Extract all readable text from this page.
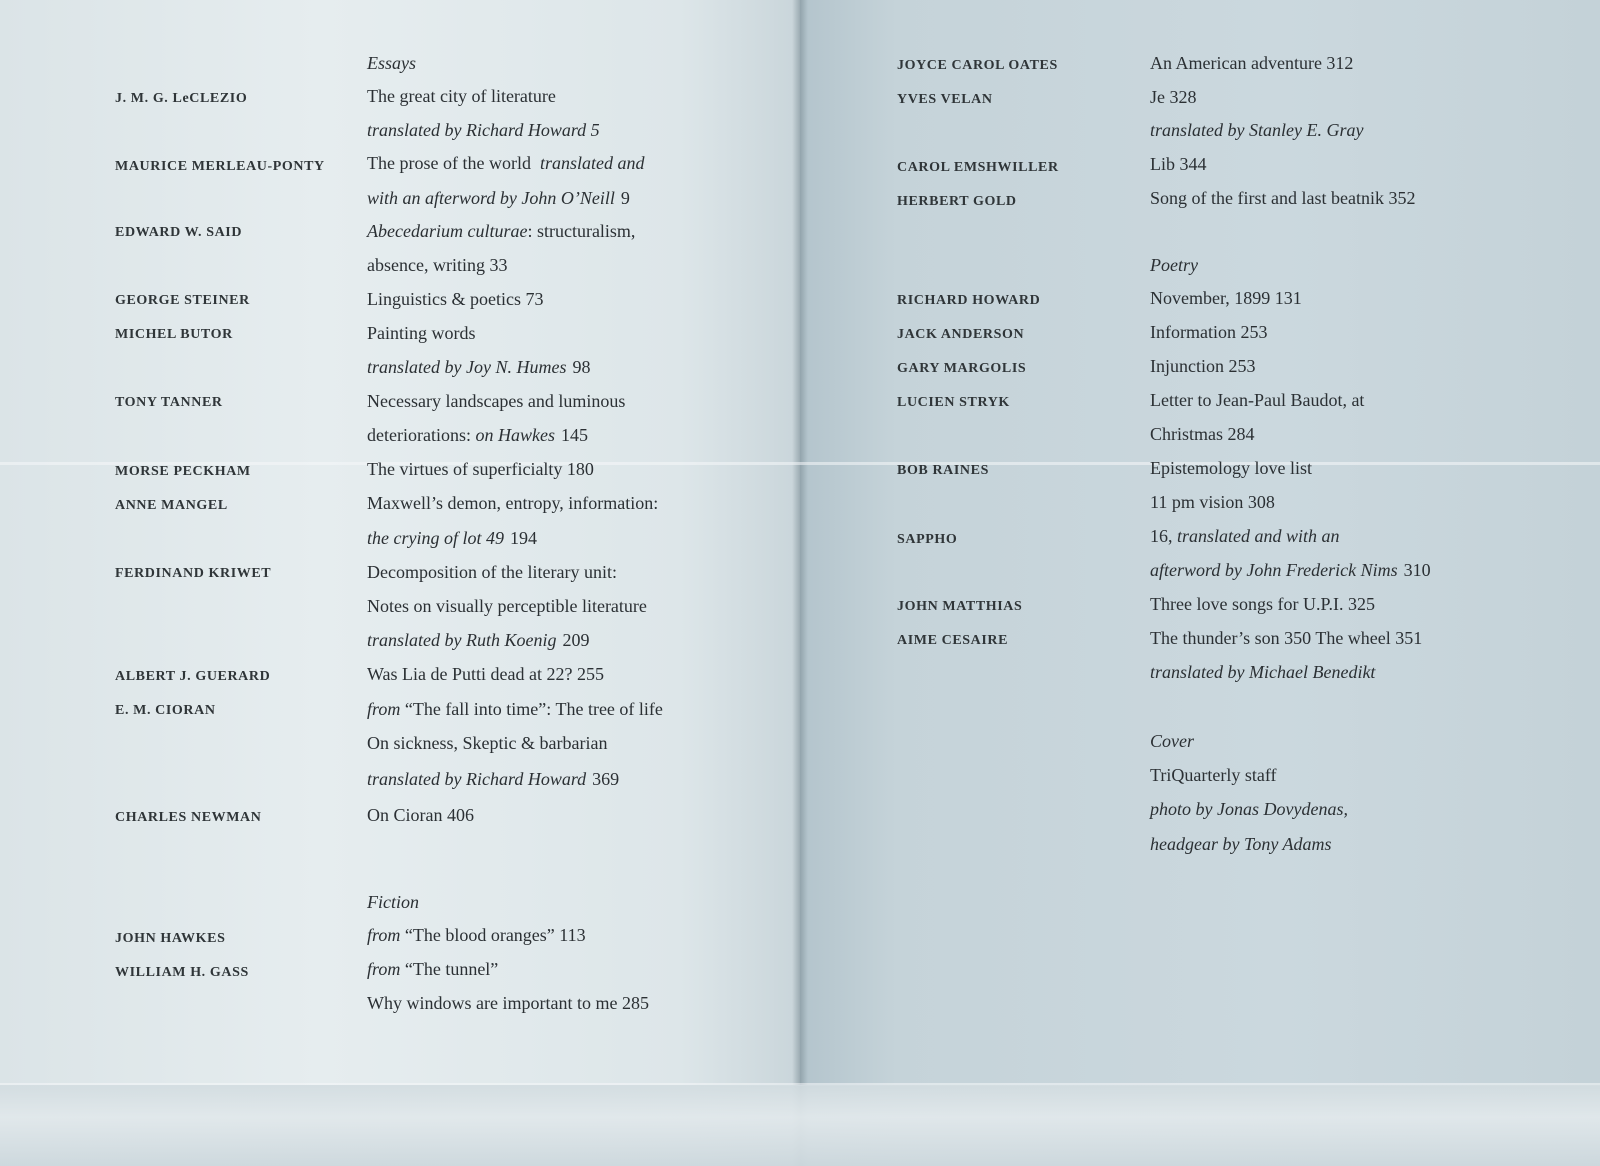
Essays
J. M. G. LeCLEZIO	The great city of literature
translated by Richard Howard 5
MAURICE MERLEAU-PONTY The prose of the world translated and
with an afterword by John O’Neill 9
EDWARD W. SAID	Abecedarium culturae: structuralism,
absence, writing 33
GEORGE STEINER	Linguistics & poetics 73
MICHEL BUTOR	Painting words
translated by Joy N. Humes 98
TONY TANNER	Necessary landscapes and luminous
deteriorations: on Hawkes 145
MORSE PECKHAM	The virtues of superficialty 180
ANNE MANGEL	Maxwell’s demon, entropy, information:
the crying of lot 49 194
FERDINAND KRIWET	Decomposition of the literary unit:
Notes on visually perceptible literature
translated by Ruth Koenig 209
ALBERT J. GUERARD	Was Lia de Putti dead at 22? 255
E. M. CIORAN	from “The fall into time”: The tree of life
On sickness, Skeptic & barbarian
translated by Richard Howard 369
CHARLES NEWMAN	On Cioran 406
Fiction
JOHN HAWKES	from “The blood oranges” 113
WILLIAM H. GASS	from “The tunnel”
Why windows are important to me 285
JOYCE CAROL OATES	An American adventure 312
YVES VELAN	Je 328
translated by Stanley E. Gray
CAROL EMSHWILLER	Lib 344
HERBERT GOLD	Song of the first and last beatnik 352
Poetry
RICHARD HOWARD	November, 1899 131
JACK ANDERSON	Information 253
GARY MARGOLIS	Injunction 253
LUCIEN STRYK	Letter to Jean-Paul Baudot, at
Christmas 284
BOB RAINES	Epistemology love list
11 pm vision 308
SAPPHO	16, translated and with an
afterword by John Frederick Nims 310
JOHN MATTHIAS	Three love songs for U.P.I. 325
AIME CESAIRE	The thunder’s son 350 The wheel 351
translated by Michael Benedikt
Cover
TriQuarterly staff
photo by Jonas Dovydenas,
headgear by Tony Adams
